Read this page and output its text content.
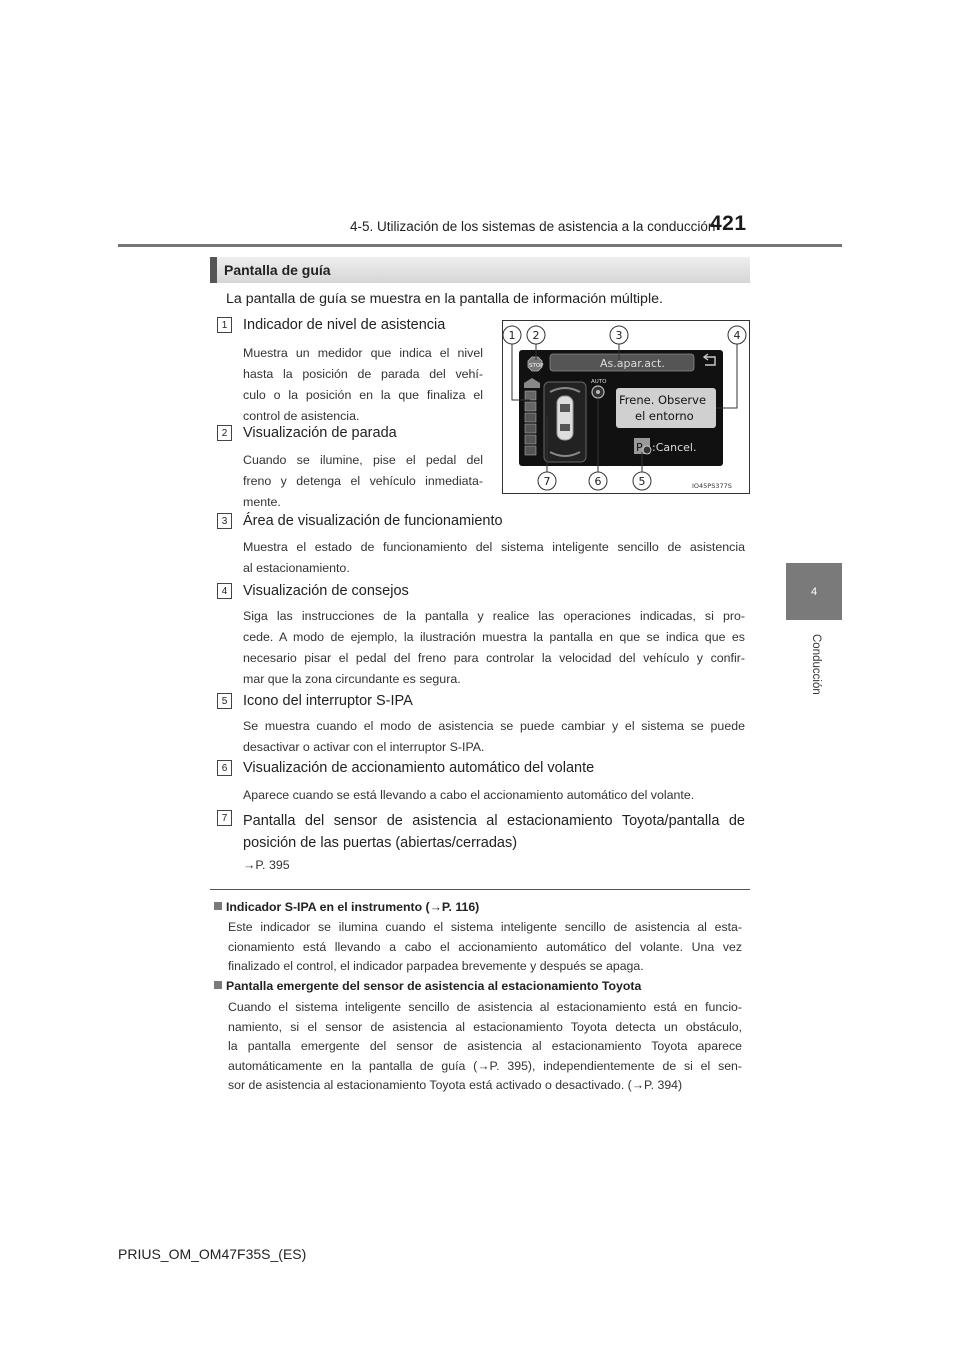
4-5. Utilización de los sistemas de asistencia a la conducción
421
4
Conducción
Pantalla de guía
La pantalla de guía se muestra en la pantalla de información múltiple.
1	Indicador de nivel de asistencia
Muestra un medidor que indica el nivel
hasta la posición de parada del vehí-
culo o la posición en la que finaliza el
control de asistencia.
2	Visualización de parada
Cuando se ilumine, pise el pedal del
freno y detenga el vehículo inmediata-
mente.
As.apar.act.
STOP
AUTO
Frene. Observe
el entorno
P :Cancel.
1 2	3	4
5
6
7	IO45PS377S
3	Área de visualización de funcionamiento
Muestra el estado de funcionamiento del sistema inteligente sencillo de asistencia
al estacionamiento.
4	Visualización de consejos
Siga las instrucciones de la pantalla y realice las operaciones indicadas, si pro-
cede. A modo de ejemplo, la ilustración muestra la pantalla en que se indica que es
necesario pisar el pedal del freno para controlar la velocidad del vehículo y confir-
mar que la zona circundante es segura.
5	Icono del interruptor S-IPA
Se muestra cuando el modo de asistencia se puede cambiar y el sistema se puede
desactivar o activar con el interruptor S-IPA.
6	Visualización de accionamiento automático del volante
Aparece cuando se está llevando a cabo el accionamiento automático del volante.
7	Pantalla del sensor de asistencia al estacionamiento Toyota/pantalla de
posición de las puertas (abiertas/cerradas)
→P. 395
Indicador S-IPA en el instrumento (→P. 116)
Este indicador se ilumina cuando el sistema inteligente sencillo de asistencia al esta-
cionamiento está llevando a cabo el accionamiento automático del volante. Una vez
finalizado el control, el indicador parpadea brevemente y después se apaga.
Pantalla emergente del sensor de asistencia al estacionamiento Toyota
Cuando el sistema inteligente sencillo de asistencia al estacionamiento está en funcio-
namiento, si el sensor de asistencia al estacionamiento Toyota detecta un obstáculo,
la pantalla emergente del sensor de asistencia al estacionamiento Toyota aparece
automáticamente en la pantalla de guía (→P. 395), independientemente de si el sen-
sor de asistencia al estacionamiento Toyota está activado o desactivado. (→P. 394)
PRIUS_OM_OM47F35S_(ES)
